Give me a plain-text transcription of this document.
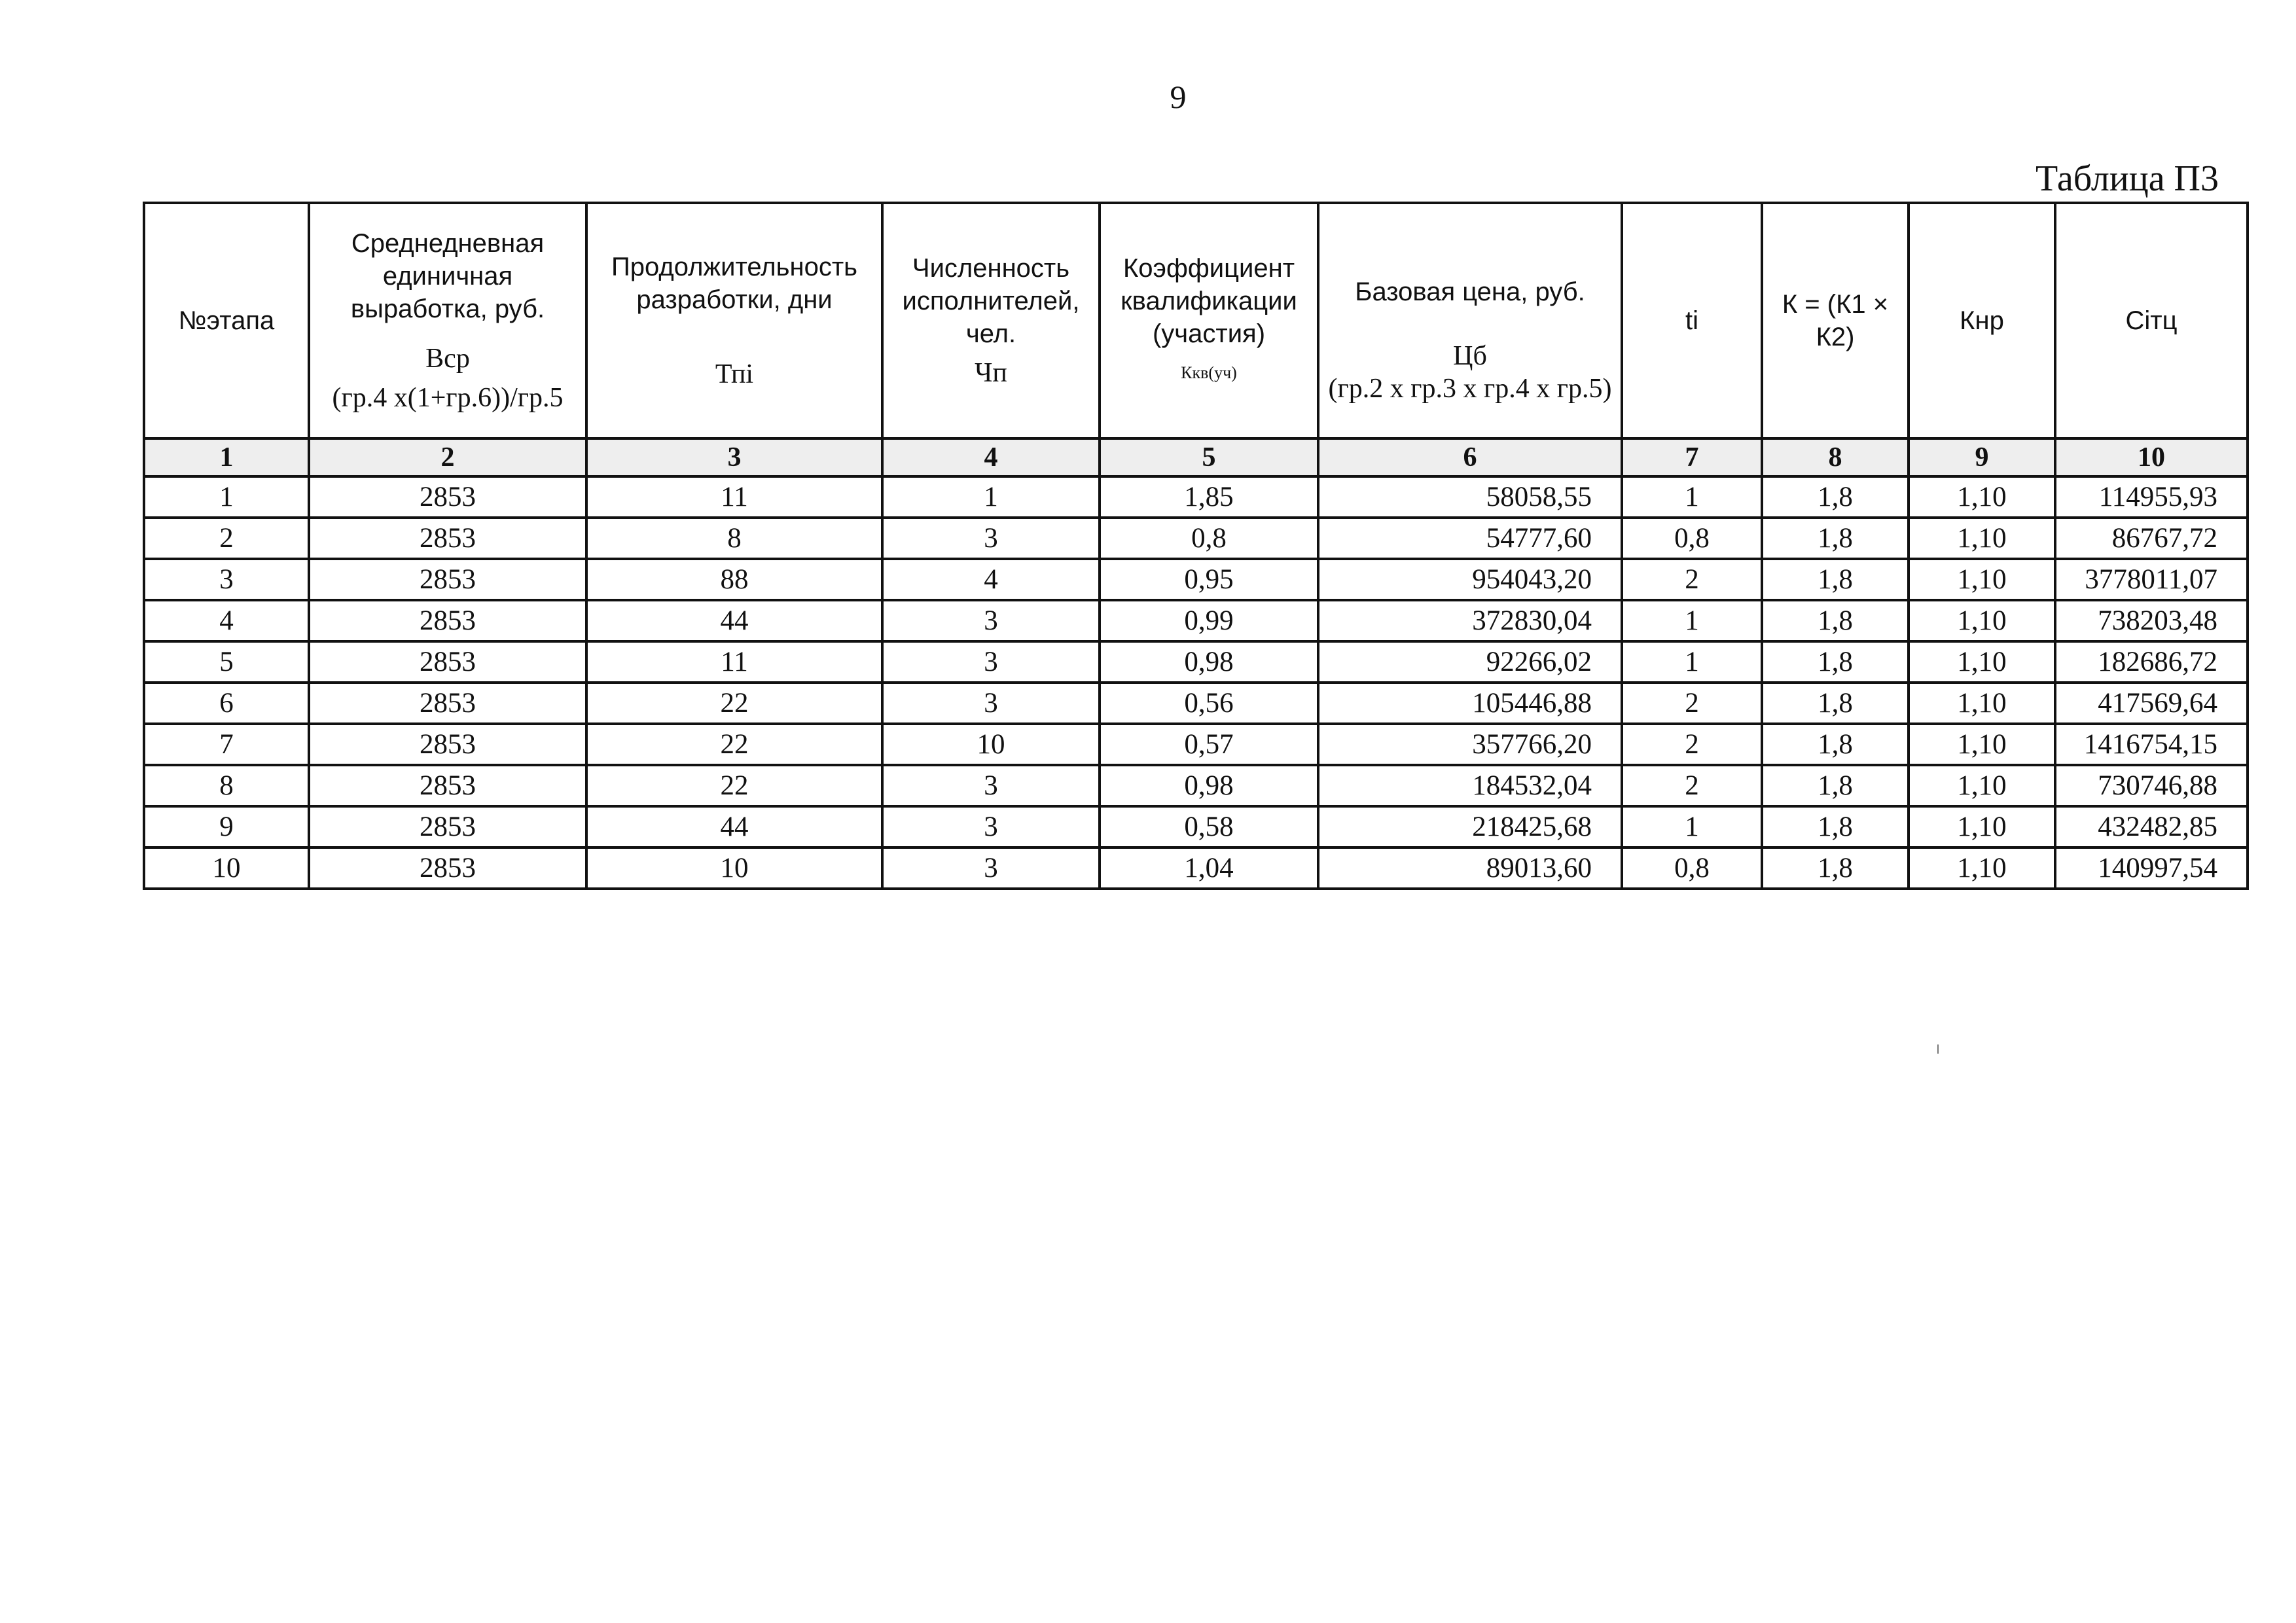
9
Таблица П3
№этапа	Среднедневная единичная выработка, руб.
Вср
(гр.4 х(1+гр.6))/гр.5	Продолжительность разработки, дни
Тпi	Численность исполнителей, чел.
Чп	Коэффициент квалификации (участия)
Ккв(уч)	Базовая цена, руб.
Цб
(гр.2 х гр.3 х гр.4 х гр.5)	ti	К = (К1 × К2)	Кнр	Ciтц

1	2	3	4	5	6	7	8	9	10
1	2853	11	1	1,85	58058,55	1	1,8	1,10	114955,93
2	2853	8	3	0,8	54777,60	0,8	1,8	1,10	86767,72
3	2853	88	4	0,95	954043,20	2	1,8	1,10	3778011,07
4	2853	44	3	0,99	372830,04	1	1,8	1,10	738203,48
5	2853	11	3	0,98	92266,02	1	1,8	1,10	182686,72
6	2853	22	3	0,56	105446,88	2	1,8	1,10	417569,64
7	2853	22	10	0,57	357766,20	2	1,8	1,10	1416754,15
8	2853	22	3	0,98	184532,04	2	1,8	1,10	730746,88
9	2853	44	3	0,58	218425,68	1	1,8	1,10	432482,85
10	2853	10	3	1,04	89013,60	0,8	1,8	1,10	140997,54
